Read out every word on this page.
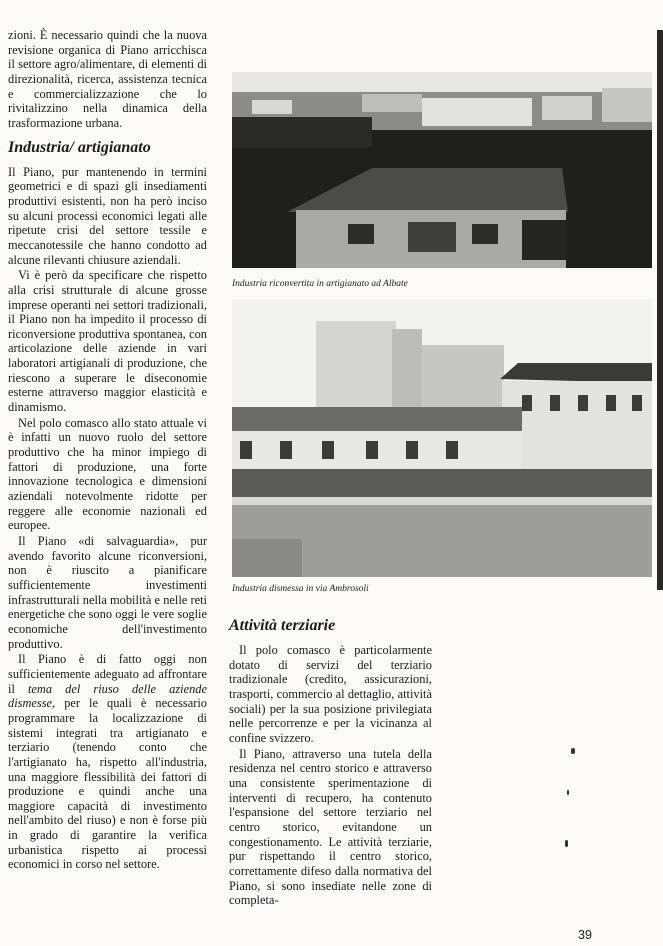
zioni. È necessario quindi che la nuova revisione organica di Piano arricchisca il settore agro/alimentare, di elementi di direzionalità, ricerca, assistenza tecnica e commercializzazione che lo rivitalizzino nella dinamica della trasformazione urbana.

Industria/ artigianato

Il Piano, pur mantenendo in termini geometrici e di spazi gli insediamenti produttivi esistenti, non ha però inciso su alcuni processi economici legati alle ripetute crisi del settore tessile e meccanotessile che hanno condotto ad alcune rilevanti chiusure aziendali.

Vi è però da specificare che rispetto alla crisi strutturale di alcune grosse imprese operanti nei settori tradizionali, il Piano non ha impedito il processo di riconversione produttiva spontanea, con articolazione delle aziende in vari laboratori artigianali di produzione, che riescono a superare le diseconomie esterne attraverso maggior elasticità e dinamismo.

Nel polo comasco allo stato attuale vi è infatti un nuovo ruolo del settore produttivo che ha minor impiego di fattori di produzione, una forte innovazione tecnologica e dimensioni aziendali notevolmente ridotte per reggere alle economie nazionali ed europee.

Il Piano «di salvaguardia», pur avendo favorito alcune riconversioni, non è riuscito a pianificare sufficientemente investimenti infrastrutturali nella mobilità e nelle reti energetiche che sono oggi le vere soglie economiche dell'investimento produttivo.

Il Piano è di fatto oggi non sufficientemente adeguato ad affrontare il tema del riuso delle aziende dismesse, per le quali è necessario programmare la localizzazione di sistemi integrati tra artigianato e terziario (tenendo conto che l'artigianato ha, rispetto all'industria, una maggiore flessibilità dei fattori di produzione e quindi anche una maggiore capacità di investimento nell'ambito del riuso) e non è forse più in grado di garantire la verifica urbanistica rispetto ai processi economici in corso nel settore.

Industria riconvertita in artigianato ad Albate
Industria dismessa in via Ambrosoli
Attività terziarie

Il polo comasco è particolarmente dotato di servizi del terziario tradizionale (credito, assicurazioni, trasporti, commercio al dettaglio, attività sociali) per la sua posizione privilegiata nelle percorrenze e per la vicinanza al confine svizzero.

Il Piano, attraverso una tutela della residenza nel centro storico e attraverso una consistente sperimentazione di interventi di recupero, ha contenuto l'espansione del settore terziario nel centro storico, evitandone un congestionamento. Le attività terziarie, pur rispettando il centro storico, correttamente difeso dalla normativa del Piano, si sono insediate nelle zone di completa-

39
